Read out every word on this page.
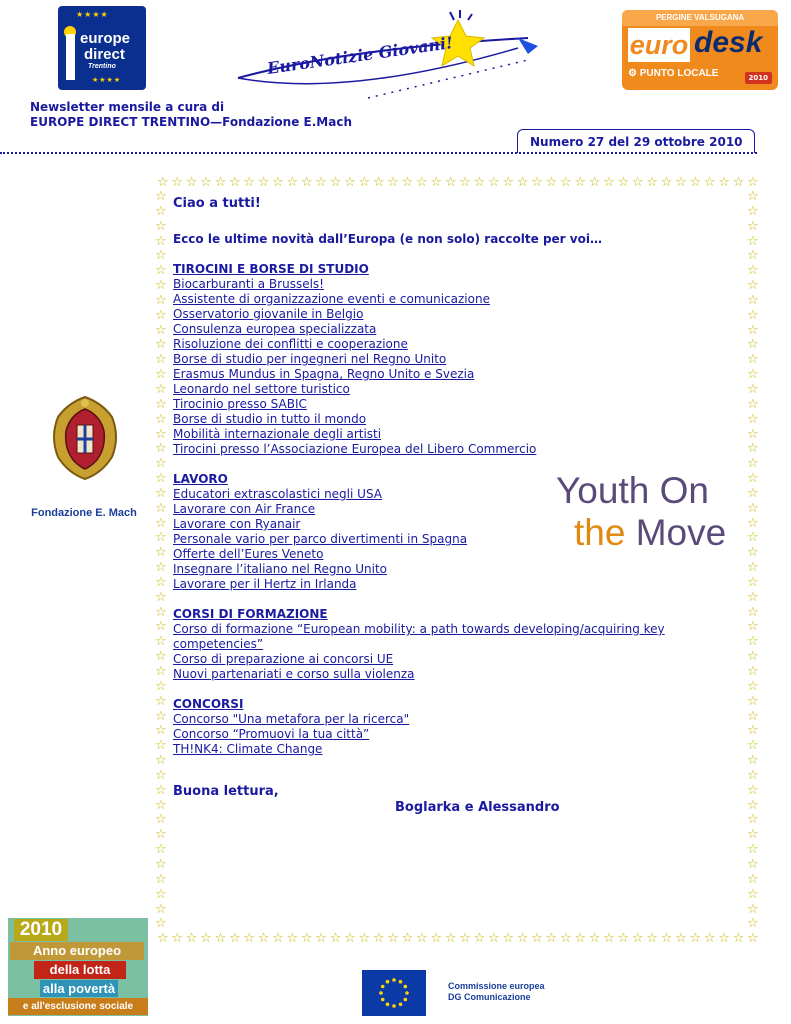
★★★★
europe
direct
Trentino
★★★★
EuroNotizie Giovani!
PERGINE VALSUGANA
euro desk
⚙ PUNTO LOCALE	2010
Newsletter mensile a cura di
EUROPE DIRECT TRENTINO—Fondazione E.Mach
Numero 27 del 29 ottobre 2010
☆ ☆ ☆ ☆ ☆ ☆ ☆ ☆ ☆ ☆ ☆ ☆ ☆ ☆ ☆ ☆ ☆ ☆ ☆ ☆ ☆ ☆ ☆ ☆ ☆ ☆ ☆ ☆ ☆ ☆ ☆ ☆ ☆ ☆ ☆ ☆ ☆ ☆ ☆ ☆ ☆ ☆
☆ ☆ ☆ ☆ ☆ ☆ ☆ ☆ ☆ ☆ ☆ ☆ ☆ ☆ ☆ ☆ ☆ ☆ ☆ ☆ ☆ ☆ ☆ ☆ ☆ ☆ ☆ ☆ ☆ ☆ ☆ ☆ ☆ ☆ ☆ ☆ ☆ ☆ ☆ ☆ ☆ ☆
☆
☆
☆
☆
☆
☆
☆
☆
☆
☆
☆
☆
☆
☆
☆
☆
☆
☆
☆
☆
☆
☆
☆
☆
☆
☆
☆
☆
☆
☆
☆
☆
☆
☆
☆
☆
☆
☆
☆
☆
☆
☆
☆
☆
☆
☆
☆
☆
☆
☆
☆
☆
☆
☆
☆
☆
☆
☆
☆
☆
☆
☆
☆
☆
☆
☆
☆
☆
☆
☆
☆
☆
☆
☆
☆
☆
☆
☆
☆
☆
☆
☆
☆
☆
☆
☆
☆
☆
☆
☆
☆
☆
☆
☆
☆
☆
☆
☆
☆
☆
Ciao a tutti!
Ecco le ultime novità dall’Europa (e non solo) raccolte per voi…
TIROCINI E BORSE DI STUDIO
Biocarburanti a Brussels!
Assistente di organizzazione eventi e comunicazione
Osservatorio giovanile in Belgio
Consulenza europea specializzata
Risoluzione dei conflitti e cooperazione
Borse di studio per ingegneri nel Regno Unito
Erasmus Mundus in Spagna, Regno Unito e Svezia
Leonardo nel settore turistico
Tirocinio presso SABIC
Borse di studio in tutto il mondo
Mobilità internazionale degli artisti
Tirocini presso l’Associazione Europea del Libero Commercio
LAVORO
Educatori extrascolastici negli USA
Lavorare con Air France
Lavorare con Ryanair
Personale vario per parco divertimenti in Spagna
Offerte dell’Eures Veneto
Insegnare l’italiano nel Regno Unito
Lavorare per il Hertz in Irlanda
CORSI DI FORMAZIONE
Corso di formazione “European mobility: a path towards developing/acquiring key competencies”
Corso di preparazione ai concorsi UE
Nuovi partenariati e corso sulla violenza
CONCORSI
Concorso "Una metafora per la ricerca"
Concorso “Promuovi la tua città”
TH!NK4: Climate Change
Buona lettura,
Boglarka e Alessandro
Fondazione E. Mach
Youth On
the Move
2010
Anno europeo
della lotta
alla povertà
e all'esclusione sociale
Commissione europea
DG Comunicazione
